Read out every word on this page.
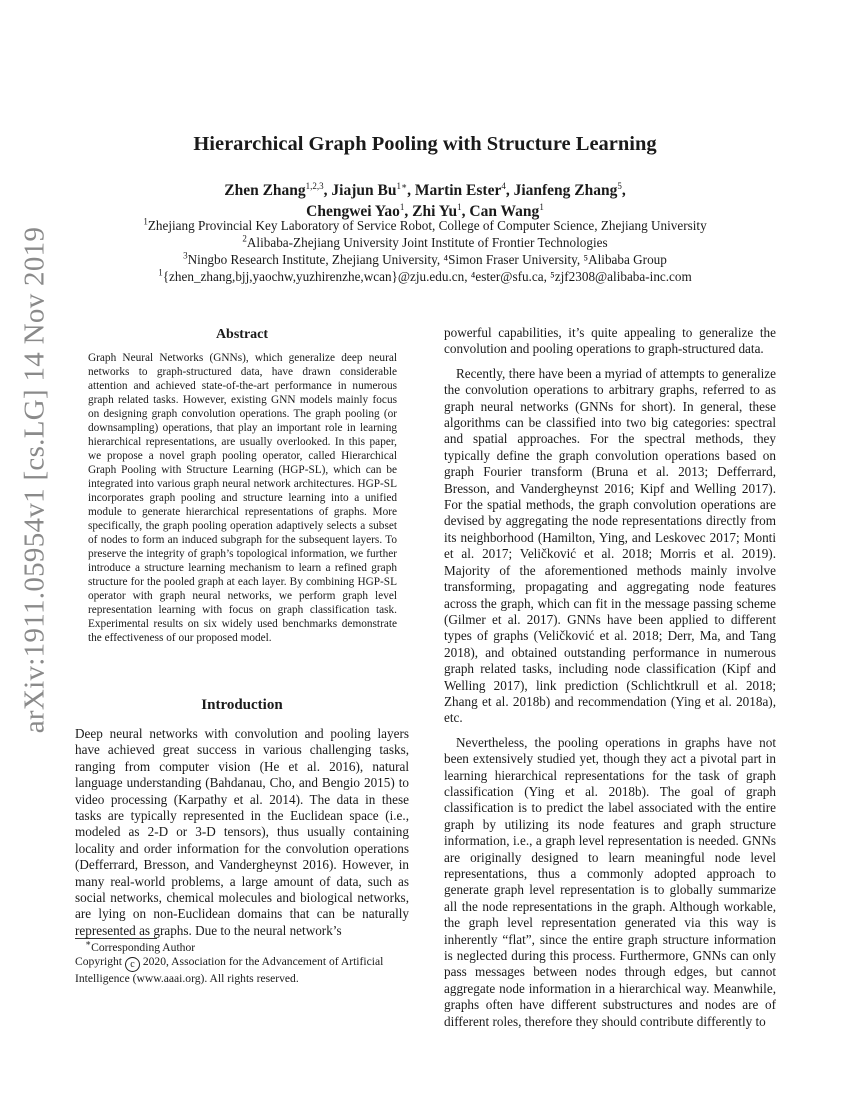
arXiv:1911.05954v1 [cs.LG] 14 Nov 2019
Hierarchical Graph Pooling with Structure Learning
Zhen Zhang$^{1,2,3}$, Jiajun $Bu^{1∗}$, Martin Ester$^4$, Jianfeng Zhang$^5$,
Chengwei Yao$^1$, Zhi Yu$^1$, Can Wang$^1$
$^1$Zhejiang Provincial Key Laboratory of Service Robot, College of Computer Science, Zhejiang University
$^2$Alibaba-Zhejiang University Joint Institute of Frontier Technologies
$^3$Ningbo Research Institute, Zhejiang University, ⁴Simon Fraser University, ⁵Alibaba Group
$^1${zhen_zhang,bjj,yaochw,yuzhirenzhe,wcan}@zju.edu.cn, ⁴ester@sfu.ca, ⁵zjf2308@alibaba-inc.com
Abstract

Graph Neural Networks (GNNs), which generalize deep neural networks to graph-structured data, have drawn considerable attention and achieved state-of-the-art performance in numerous graph related tasks. However, existing GNN models mainly focus on designing graph convolution operations. The graph pooling (or downsampling) operations, that play an important role in learning hierarchical representations, are usually overlooked. In this paper, we propose a novel graph pooling operator, called Hierarchical Graph Pooling with Structure Learning (HGP-SL), which can be integrated into various graph neural network architectures. HGP-SL incorporates graph pooling and structure learning into a unified module to generate hierarchical representations of graphs. More specifically, the graph pooling operation adaptively selects a subset of nodes to form an induced subgraph for the subsequent layers. To preserve the integrity of graph’s topological information, we further introduce a structure learning mechanism to learn a refined graph structure for the pooled graph at each layer. By combining HGP-SL operator with graph neural networks, we perform graph level representation learning with focus on graph classification task. Experimental results on six widely used benchmarks demonstrate the effectiveness of our proposed model.

Introduction

Deep neural networks with convolution and pooling layers have achieved great success in various challenging tasks, ranging from computer vision (He et al. 2016), natural language understanding (Bahdanau, Cho, and Bengio 2015) to video processing (Karpathy et al. 2014). The data in these tasks are typically represented in the Euclidean space (i.e., modeled as 2-D or 3-D tensors), thus usually containing locality and order information for the convolution operations (Defferrard, Bresson, and Vandergheynst 2016). However, in many real-world problems, a large amount of data, such as social networks, chemical molecules and biological networks, are lying on non-Euclidean domains that can be naturally represented as graphs. Due to the neural network’s

powerful capabilities, it’s quite appealing to generalize the convolution and pooling operations to graph-structured data.

Recently, there have been a myriad of attempts to generalize the convolution operations to arbitrary graphs, referred to as graph neural networks (GNNs for short). In general, these algorithms can be classified into two big categories: spectral and spatial approaches. For the spectral methods, they typically define the graph convolution operations based on graph Fourier transform (Bruna et al. 2013; Defferrard, Bresson, and Vandergheynst 2016; Kipf and Welling 2017). For the spatial methods, the graph convolution operations are devised by aggregating the node representations directly from its neighborhood (Hamilton, Ying, and Leskovec 2017; Monti et al. 2017; Veličković et al. 2018; Morris et al. 2019). Majority of the aforementioned methods mainly involve transforming, propagating and aggregating node features across the graph, which can fit in the message passing scheme (Gilmer et al. 2017). GNNs have been applied to different types of graphs (Veličković et al. 2018; Derr, Ma, and Tang 2018), and obtained outstanding performance in numerous graph related tasks, including node classification (Kipf and Welling 2017), link prediction (Schlichtkrull et al. 2018; Zhang et al. 2018b) and recommendation (Ying et al. 2018a), etc.

Nevertheless, the pooling operations in graphs have not been extensively studied yet, though they act a pivotal part in learning hierarchical representations for the task of graph classification (Ying et al. 2018b). The goal of graph classification is to predict the label associated with the entire graph by utilizing its node features and graph structure information, i.e., a graph level representation is needed. GNNs are originally designed to learn meaningful node level representations, thus a commonly adopted approach to generate graph level representation is to globally summarize all the node representations in the graph. Although workable, the graph level representation generated via this way is inherently “flat”, since the entire graph structure information is neglected during this process. Furthermore, GNNs can only pass messages between nodes through edges, but cannot aggregate node information in a hierarchical way. Meanwhile, graphs often have different substructures and nodes are of different roles, therefore they should contribute differently to

∗Corresponding Author

Copyright c 2020, Association for the Advancement of Artificial Intelligence (www.aaai.org). All rights reserved.
